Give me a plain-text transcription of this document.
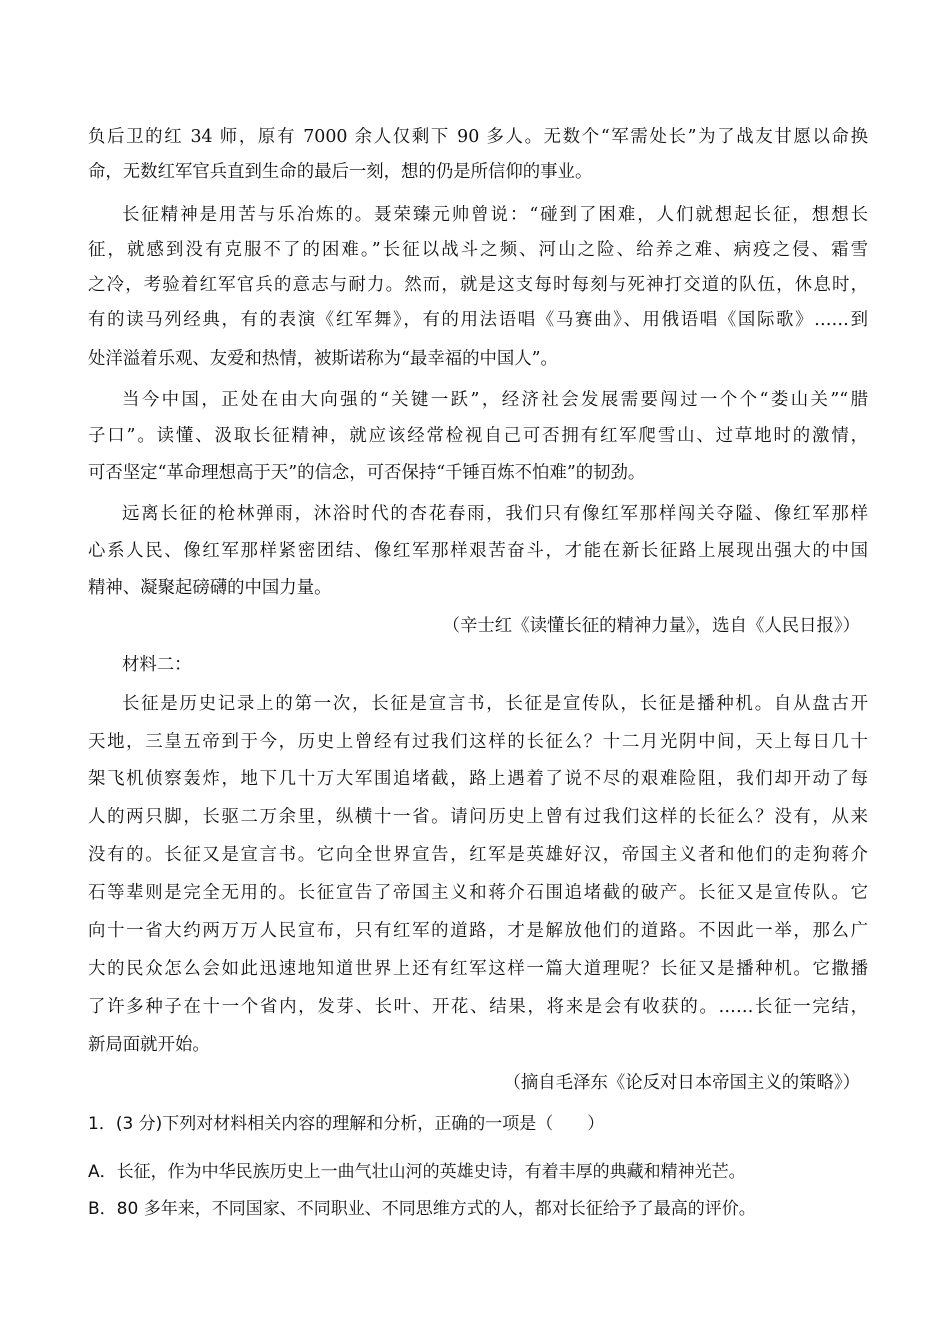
负后卫的红 34 师，原有 7000 余人仅剩下 90 多人。无数个“军需处长”为了战友甘愿以命换
命，无数红军官兵直到生命的最后一刻，想的仍是所信仰的事业。
长征精神是用苦与乐冶炼的。聂荣臻元帅曾说：“碰到了困难，人们就想起长征，想想长
征，就感到没有克服不了的困难。”长征以战斗之频、河山之险、给养之难、病疫之侵、霜雪
之冷，考验着红军官兵的意志与耐力。然而，就是这支每时每刻与死神打交道的队伍，休息时，
有的读马列经典，有的表演《红军舞》，有的用法语唱《马赛曲》、用俄语唱《国际歌》……到
处洋溢着乐观、友爱和热情，被斯诺称为“最幸福的中国人”。
当今中国，正处在由大向强的“关键一跃”，经济社会发展需要闯过一个个“娄山关”“腊
子口”。读懂、汲取长征精神，就应该经常检视自己可否拥有红军爬雪山、过草地时的激情，
可否坚定“革命理想高于天”的信念，可否保持“千锤百炼不怕难”的韧劲。
远离长征的枪林弹雨，沐浴时代的杏花春雨，我们只有像红军那样闯关夺隘、像红军那样
心系人民、像红军那样紧密团结、像红军那样艰苦奋斗，才能在新长征路上展现出强大的中国
精神、凝聚起磅礴的中国力量。
（辛士红《读懂长征的精神力量》，选自《人民日报》）
材料二：
长征是历史记录上的第一次，长征是宣言书，长征是宣传队，长征是播种机。自从盘古开
天地，三皇五帝到于今，历史上曾经有过我们这样的长征么？十二月光阴中间，天上每日几十
架飞机侦察轰炸，地下几十万大军围追堵截，路上遇着了说不尽的艰难险阻，我们却开动了每
人的两只脚，长驱二万余里，纵横十一省。请问历史上曾有过我们这样的长征么？没有，从来
没有的。长征又是宣言书。它向全世界宣告，红军是英雄好汉，帝国主义者和他们的走狗蒋介
石等辈则是完全无用的。长征宣告了帝国主义和蒋介石围追堵截的破产。长征又是宣传队。它
向十一省大约两万万人民宣布，只有红军的道路，才是解放他们的道路。不因此一举，那么广
大的民众怎么会如此迅速地知道世界上还有红军这样一篇大道理呢？长征又是播种机。它撒播
了许多种子在十一个省内，发芽、长叶、开花、结果，将来是会有收获的。……长征一完结，
新局面就开始。
（摘自毛泽东《论反对日本帝国主义的策略》）
1．(3 分)下列对材料相关内容的理解和分析，正确的一项是（　　）
A．长征，作为中华民族历史上一曲气壮山河的英雄史诗，有着丰厚的典藏和精神光芒。
B．80 多年来，不同国家、不同职业、不同思维方式的人，都对长征给予了最高的评价。
